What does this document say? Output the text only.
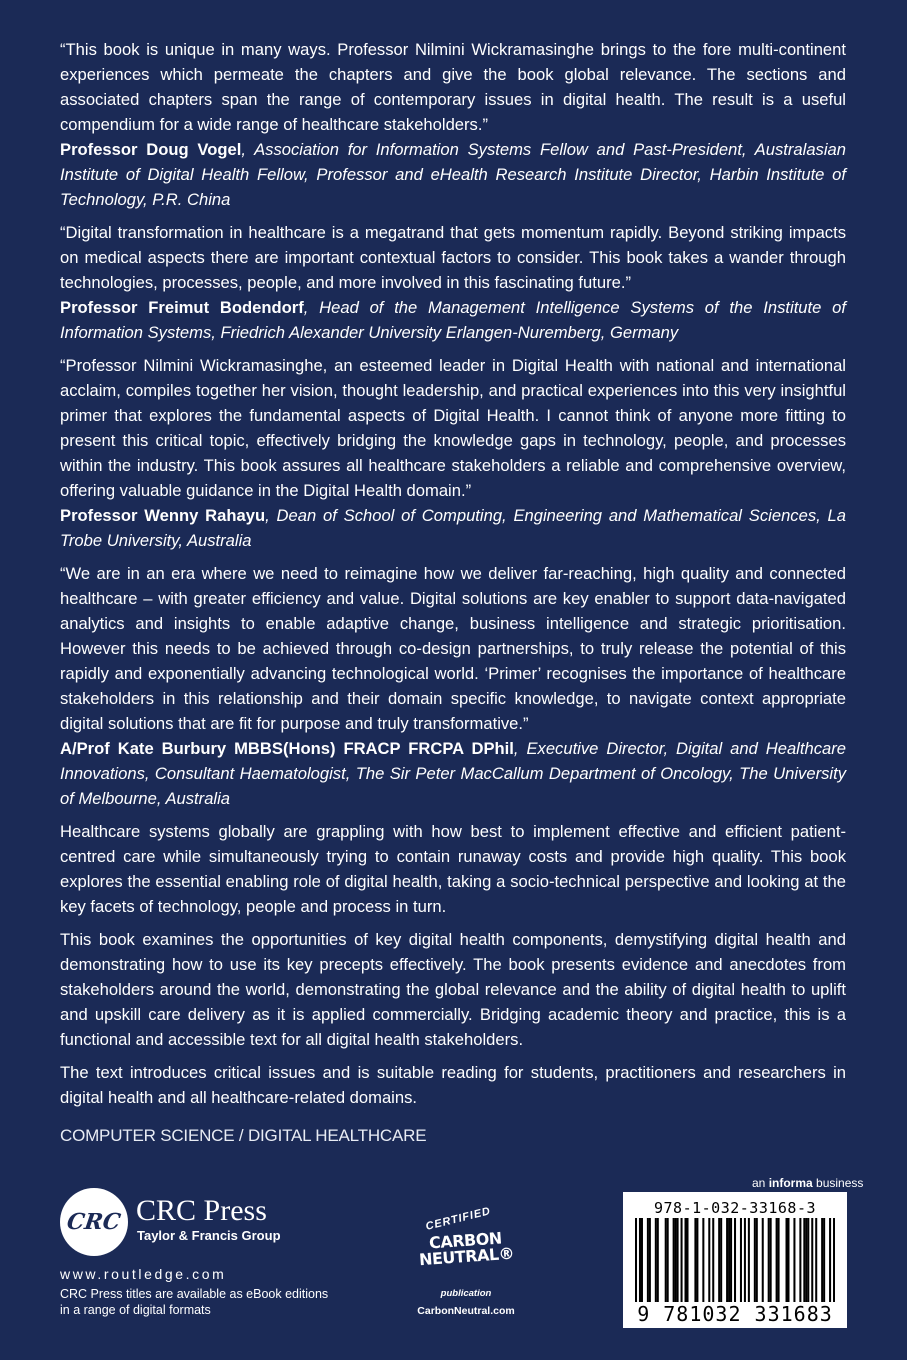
“This book is unique in many ways. Professor Nilmini Wickramasinghe brings to the fore multi-continent experiences which permeate the chapters and give the book global relevance. The sections and associated chapters span the range of contemporary issues in digital health. The result is a useful compendium for a wide range of healthcare stakeholders.”

Professor Doug Vogel, Association for Information Systems Fellow and Past-President, Australasian Institute of Digital Health Fellow, Professor and eHealth Research Institute Director, Harbin Institute of Technology, P.R. China

“Digital transformation in healthcare is a megatrand that gets momentum rapidly. Beyond striking impacts on medical aspects there are important contextual factors to consider. This book takes a wander through technologies, processes, people, and more involved in this fascinating future.”

Professor Freimut Bodendorf, Head of the Management Intelligence Systems of the Institute of Information Systems, Friedrich Alexander University Erlangen-Nuremberg, Germany

“Professor Nilmini Wickramasinghe, an esteemed leader in Digital Health with national and international acclaim, compiles together her vision, thought leadership, and practical experiences into this very insightful primer that explores the fundamental aspects of Digital Health. I cannot think of anyone more fitting to present this critical topic, effectively bridging the knowledge gaps in technology, people, and processes within the industry. This book assures all healthcare stakeholders a reliable and comprehensive overview, offering valuable guidance in the Digital Health domain.”

Professor Wenny Rahayu, Dean of School of Computing, Engineering and Mathematical Sciences, La Trobe University, Australia

“We are in an era where we need to reimagine how we deliver far-reaching, high quality and connected healthcare – with greater efficiency and value. Digital solutions are key enabler to support data-navigated analytics and insights to enable adaptive change, business intelligence and strategic prioritisation. However this needs to be achieved through co-design partnerships, to truly release the potential of this rapidly and exponentially advancing technological world. ‘Primer’ recognises the importance of healthcare stakeholders in this relationship and their domain specific knowledge, to navigate context appropriate digital solutions that are fit for purpose and truly transformative.”

A/Prof Kate Burbury MBBS(Hons) FRACP FRCPA DPhil, Executive Director, Digital and Healthcare Innovations, Consultant Haematologist, The Sir Peter MacCallum Department of Oncology, The University of Melbourne, Australia

Healthcare systems globally are grappling with how best to implement effective and efficient patient-centred care while simultaneously trying to contain runaway costs and provide high quality. This book explores the essential enabling role of digital health, taking a socio-technical perspective and looking at the key facets of technology, people and process in turn.

This book examines the opportunities of key digital health components, demystifying digital health and demonstrating how to use its key precepts effectively. The book presents evidence and anecdotes from stakeholders around the world, demonstrating the global relevance and the ability of digital health to uplift and upskill care delivery as it is applied commercially. Bridging academic theory and practice, this is a functional and accessible text for all digital health stakeholders.

The text introduces critical issues and is suitable reading for students, practitioners and researchers in digital health and all healthcare-related domains.

COMPUTER SCIENCE / DIGITAL HEALTHCARE

CRC CRC Press
Taylor & Francis Group
www.routledge.com
CRC Press titles are available as eBook editions in a range of digital formats
CERTIFIED
CARBON NEUTRAL®
publication
CarbonNeutral.com
an informa business
978-1-032-33168-3
9 781032 331683
